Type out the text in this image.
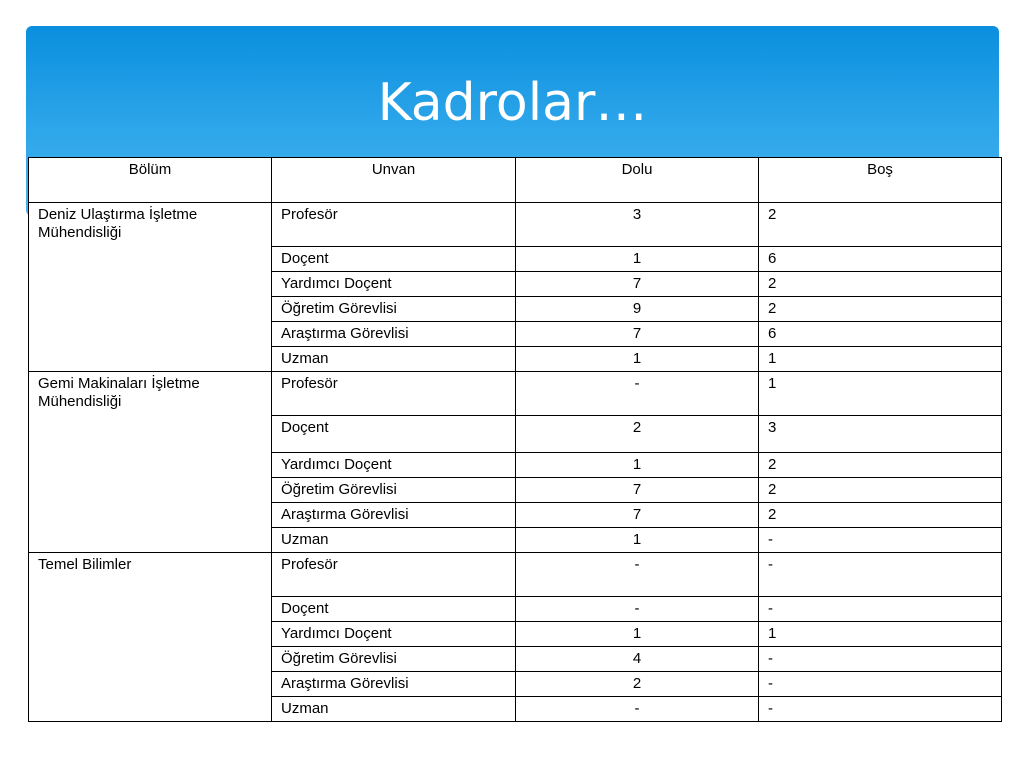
Kadrolar…
Bölüm	Unvan	Dolu	Boş
Deniz Ulaştırma İşletme Mühendisliği	Profesör	3	2
	Doçent	1	6
	Yardımcı Doçent	7	2
	Öğretim Görevlisi	9	2
	Araştırma Görevlisi	7	6
	Uzman	1	1
Gemi Makinaları İşletme Mühendisliği	Profesör	-	1
	Doçent	2	3
	Yardımcı Doçent	1	2
	Öğretim Görevlisi	7	2
	Araştırma Görevlisi	7	2
	Uzman	1	-
Temel Bilimler	Profesör	-	-
	Doçent	-	-
	Yardımcı Doçent	1	1
	Öğretim Görevlisi	4	-
	Araştırma Görevlisi	2	-
	Uzman	-	-
